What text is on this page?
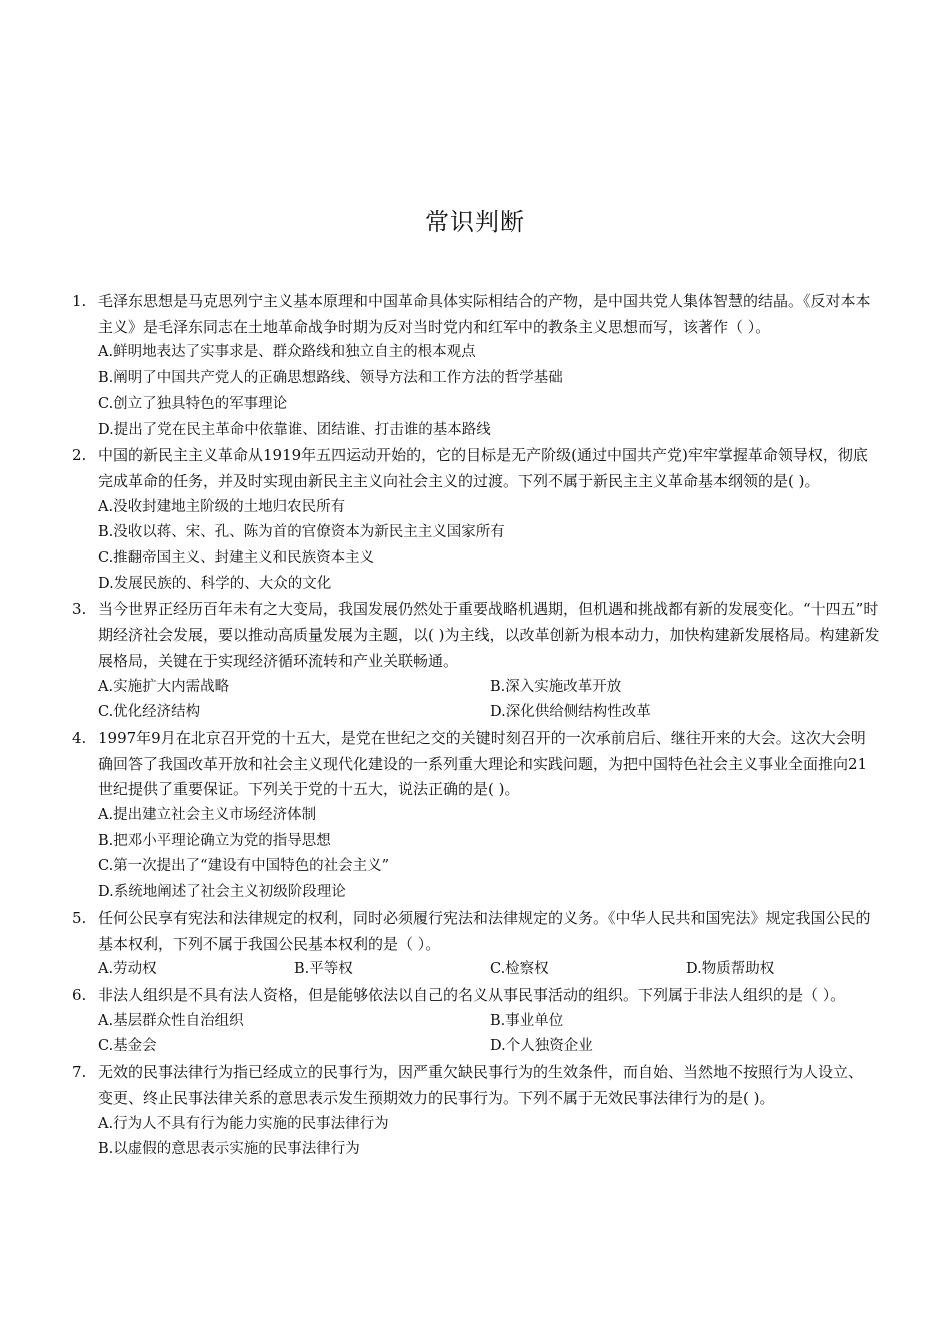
常识判断
1. 毛泽东思想是马克思列宁主义基本原理和中国革命具体实际相结合的产物，是中国共党人集体智慧的结晶。《反对本本主义》是毛泽东同志在土地革命战争时期为反对当时党内和红军中的教条主义思想而写，该著作（ ）。
A.鲜明地表达了实事求是、群众路线和独立自主的根本观点
B.阐明了中国共产党人的正确思想路线、领导方法和工作方法的哲学基础
C.创立了独具特色的军事理论
D.提出了党在民主革命中依靠谁、团结谁、打击谁的基本路线
2. 中国的新民主主义革命从1919年五四运动开始的，它的目标是无产阶级(通过中国共产党)牢牢掌握革命领导权，彻底完成革命的任务，并及时实现由新民主主义向社会主义的过渡。下列不属于新民主主义革命基本纲领的是( )。
A.没收封建地主阶级的土地归农民所有
B.没收以蒋、宋、孔、陈为首的官僚资本为新民主主义国家所有
C.推翻帝国主义、封建主义和民族资本主义
D.发展民族的、科学的、大众的文化
3. 当今世界正经历百年未有之大变局，我国发展仍然处于重要战略机遇期，但机遇和挑战都有新的发展变化。“十四五”时期经济社会发展，要以推动高质量发展为主题，以( )为主线，以改革创新为根本动力，加快构建新发展格局。构建新发展格局，关键在于实现经济循环流转和产业关联畅通。
A.实施扩大内需战略	B.深入实施改革开放
C.优化经济结构	D.深化供给侧结构性改革
4. 1997年9月在北京召开党的十五大，是党在世纪之交的关键时刻召开的一次承前启后、继往开来的大会。这次大会明确回答了我国改革开放和社会主义现代化建设的一系列重大理论和实践问题，为把中国特色社会主义事业全面推向21世纪提供了重要保证。下列关于党的十五大，说法正确的是( )。
A.提出建立社会主义市场经济体制
B.把邓小平理论确立为党的指导思想
C.第一次提出了“建设有中国特色的社会主义”
D.系统地阐述了社会主义初级阶段理论
5. 任何公民享有宪法和法律规定的权利，同时必须履行宪法和法律规定的义务。《中华人民共和国宪法》规定我国公民的基本权利，下列不属于我国公民基本权利的是（ ）。
A.劳动权	B.平等权	C.检察权	D.物质帮助权
6. 非法人组织是不具有法人资格，但是能够依法以自己的名义从事民事活动的组织。下列属于非法人组织的是（ ）。
A.基层群众性自治组织	B.事业单位
C.基金会	D.个人独资企业
7. 无效的民事法律行为指已经成立的民事行为，因严重欠缺民事行为的生效条件，而自始、当然地不按照行为人设立、变更、终止民事法律关系的意思表示发生预期效力的民事行为。下列不属于无效民事法律行为的是( )。
A.行为人不具有行为能力实施的民事法律行为
B.以虚假的意思表示实施的民事法律行为
